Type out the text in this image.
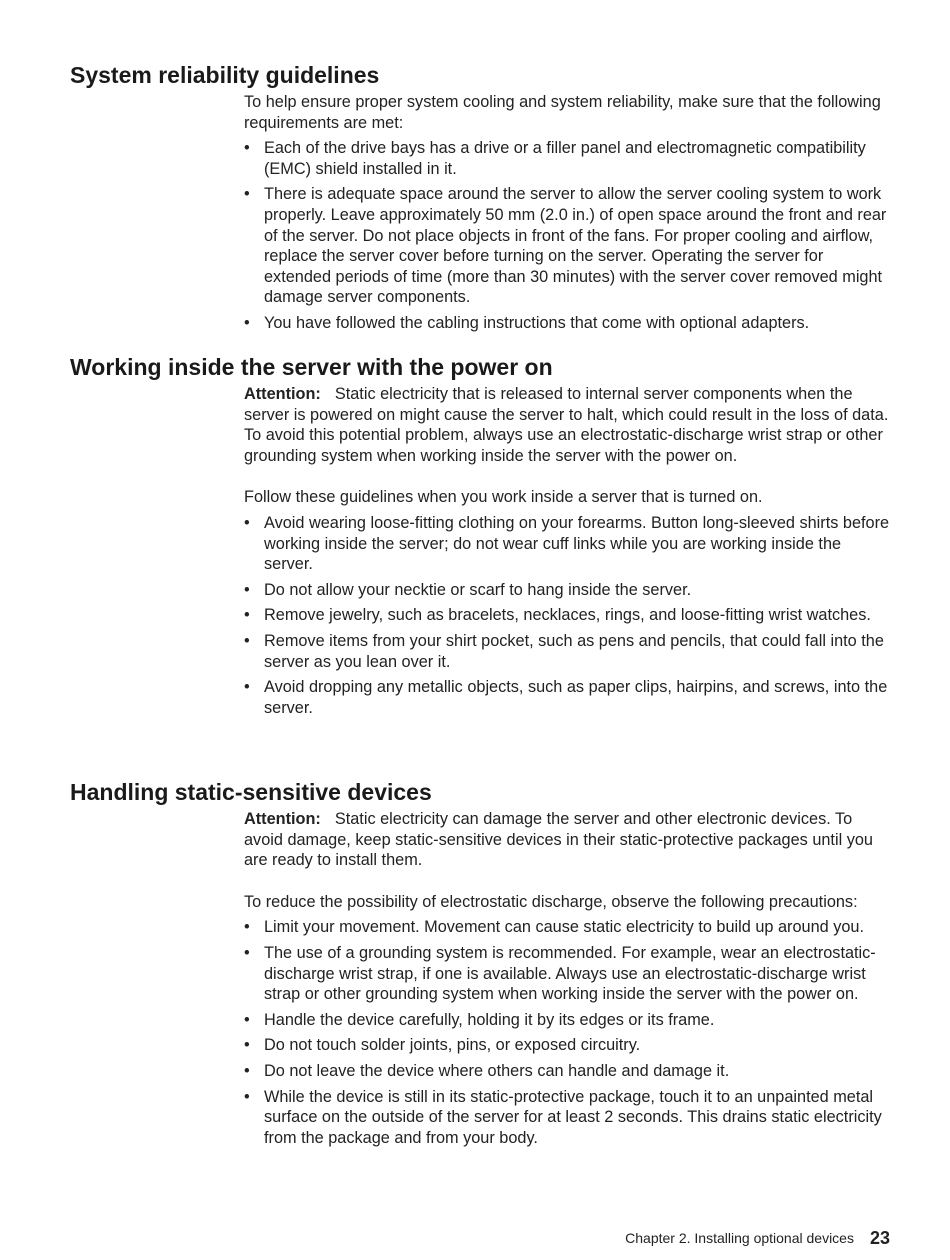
System reliability guidelines

To help ensure proper system cooling and system reliability, make sure that the following requirements are met:

• Each of the drive bays has a drive or a filler panel and electromagnetic compatibility (EMC) shield installed in it.
• There is adequate space around the server to allow the server cooling system to work properly. Leave approximately 50 mm (2.0 in.) of open space around the front and rear of the server. Do not place objects in front of the fans. For proper cooling and airflow, replace the server cover before turning on the server. Operating the server for extended periods of time (more than 30 minutes) with the server cover removed might damage server components.
• You have followed the cabling instructions that come with optional adapters.
Working inside the server with the power on

Attention: Static electricity that is released to internal server components when the server is powered on might cause the server to halt, which could result in the loss of data. To avoid this potential problem, always use an electrostatic-discharge wrist strap or other grounding system when working inside the server with the power on.

Follow these guidelines when you work inside a server that is turned on.

• Avoid wearing loose-fitting clothing on your forearms. Button long-sleeved shirts before working inside the server; do not wear cuff links while you are working inside the server.
• Do not allow your necktie or scarf to hang inside the server.
• Remove jewelry, such as bracelets, necklaces, rings, and loose-fitting wrist watches.
• Remove items from your shirt pocket, such as pens and pencils, that could fall into the server as you lean over it.
• Avoid dropping any metallic objects, such as paper clips, hairpins, and screws, into the server.
Handling static-sensitive devices

Attention: Static electricity can damage the server and other electronic devices. To avoid damage, keep static-sensitive devices in their static-protective packages until you are ready to install them.

To reduce the possibility of electrostatic discharge, observe the following precautions:

• Limit your movement. Movement can cause static electricity to build up around you.
• The use of a grounding system is recommended. For example, wear an electrostatic-discharge wrist strap, if one is available. Always use an electrostatic-discharge wrist strap or other grounding system when working inside the server with the power on.
• Handle the device carefully, holding it by its edges or its frame.
• Do not touch solder joints, pins, or exposed circuitry.
• Do not leave the device where others can handle and damage it.
• While the device is still in its static-protective package, touch it to an unpainted metal surface on the outside of the server for at least 2 seconds. This drains static electricity from the package and from your body.
Chapter 2. Installing optional devices 23
